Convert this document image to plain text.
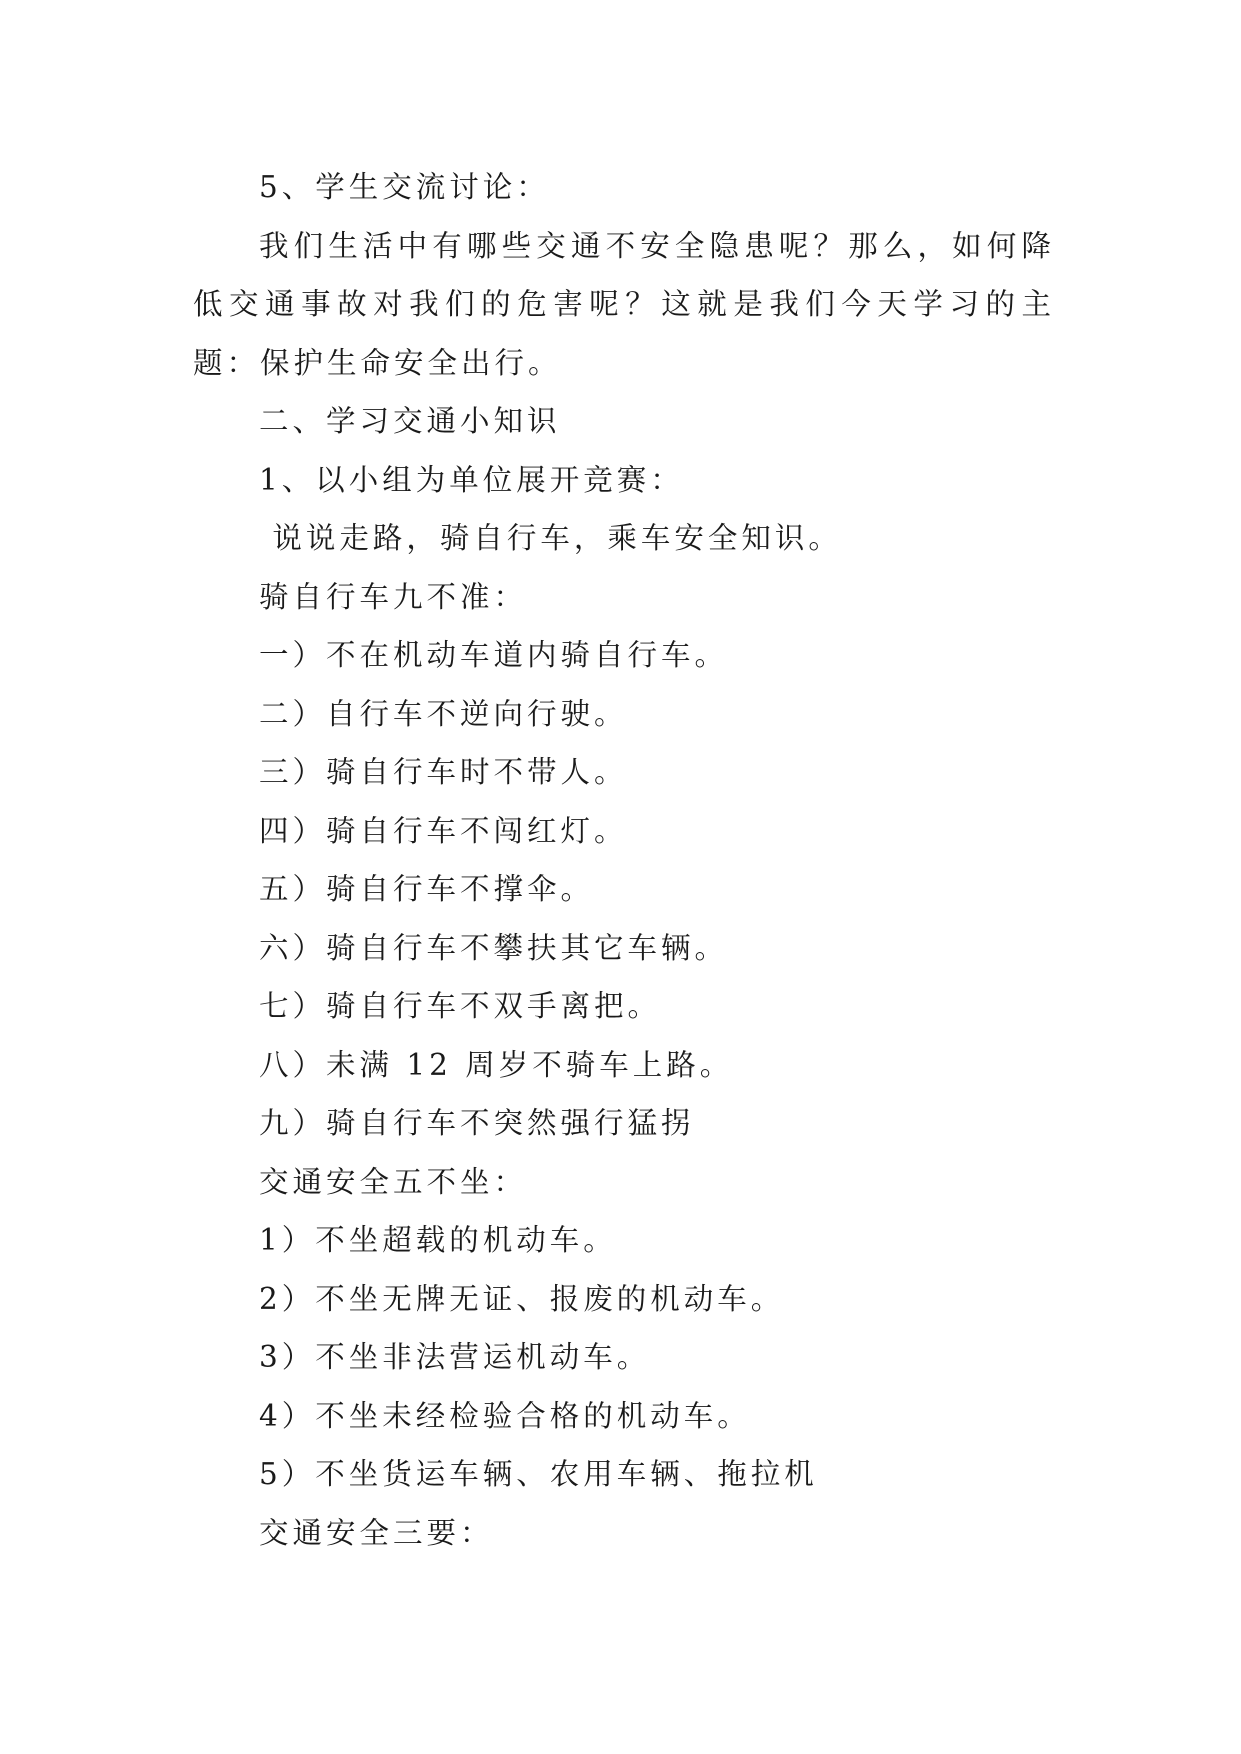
5、学生交流讨论：

我们生活中有哪些交通不安全隐患呢？那么，如何降低交通事故对我们的危害呢？这就是我们今天学习的主题：保护生命安全出行。

二、学习交通小知识

1、以小组为单位展开竞赛：

说说走路，骑自行车，乘车安全知识。

骑自行车九不准：

一）不在机动车道内骑自行车。

二）自行车不逆向行驶。

三）骑自行车时不带人。

四）骑自行车不闯红灯。

五）骑自行车不撑伞。

六）骑自行车不攀扶其它车辆。

七）骑自行车不双手离把。

八）未满 12 周岁不骑车上路。

九）骑自行车不突然强行猛拐

交通安全五不坐：

1）不坐超载的机动车。

2）不坐无牌无证、报废的机动车。

3）不坐非法营运机动车。

4）不坐未经检验合格的机动车。

5）不坐货运车辆、农用车辆、拖拉机

交通安全三要：
